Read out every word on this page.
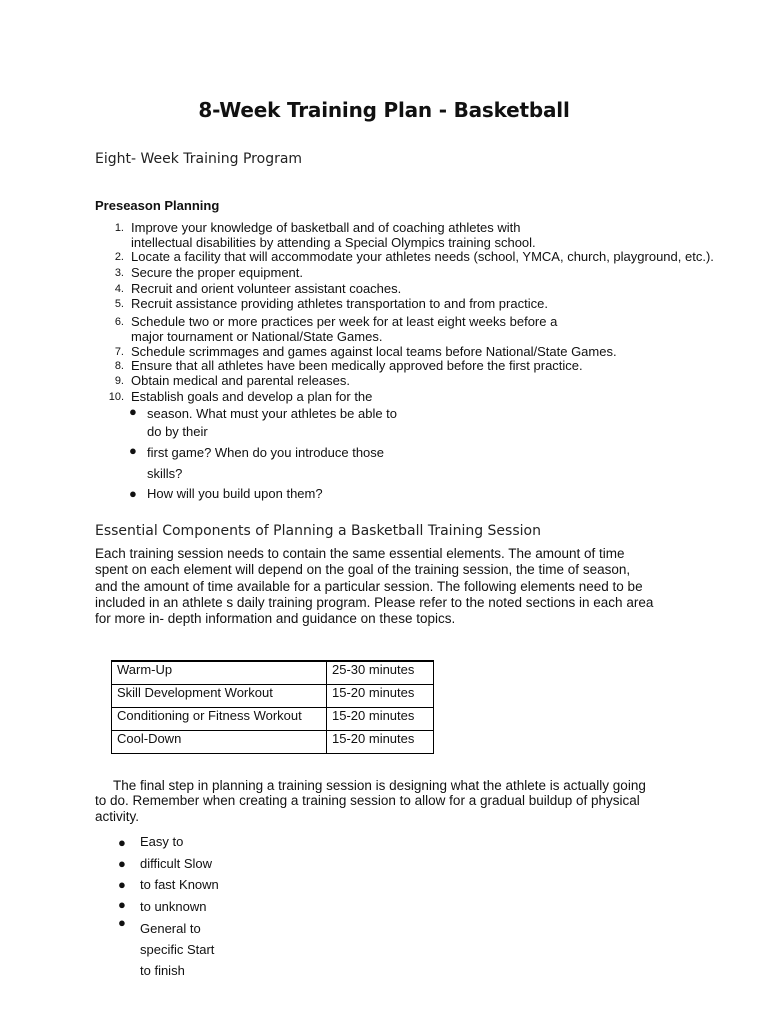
8-Week Training Plan - Basketball
Eight- Week Training Program
Preseason Planning
1. Improve your knowledge of basketball and of coaching athletes with
intellectual disabilities by attending a Special Olympics training school.
2. Locate a facility that will accommodate your athletes needs (school, YMCA, church, playground, etc.).
3. Secure the proper equipment.
4. Recruit and orient volunteer assistant coaches.
5. Recruit assistance providing athletes transportation to and from practice.
6. Schedule two or more practices per week for at least eight weeks before a
major tournament or National/State Games.
7. Schedule scrimmages and games against local teams before National/State Games.
8. Ensure that all athletes have been medically approved before the first practice.
9. Obtain medical and parental releases.
10. Establish goals and develop a plan for the
● season. What must your athletes be able to
do by their
● first game? When do you introduce those
skills?
● How will you build upon them?
Essential Components of Planning a Basketball Training Session

Each training session needs to contain the same essential elements. The amount of time

spent on each element will depend on the goal of the training session, the time of season,

and the amount of time available for a particular session. The following elements need to be

included in an athlete s daily training program. Please refer to the noted sections in each area

for more in- depth information and guidance on these topics.

Warm-Up	25-30 minutes
Skill Development Workout	15-20 minutes
Conditioning or Fitness Workout	15-20 minutes
Cool-Down	15-20 minutes

The final step in planning a training session is designing what the athlete is actually going

to do. Remember when creating a training session to allow for a gradual buildup of physical

activity.

●
●
●
●
●
Easy to
difficult Slow
to fast Known
to unknown
General to
specific Start
to finish
